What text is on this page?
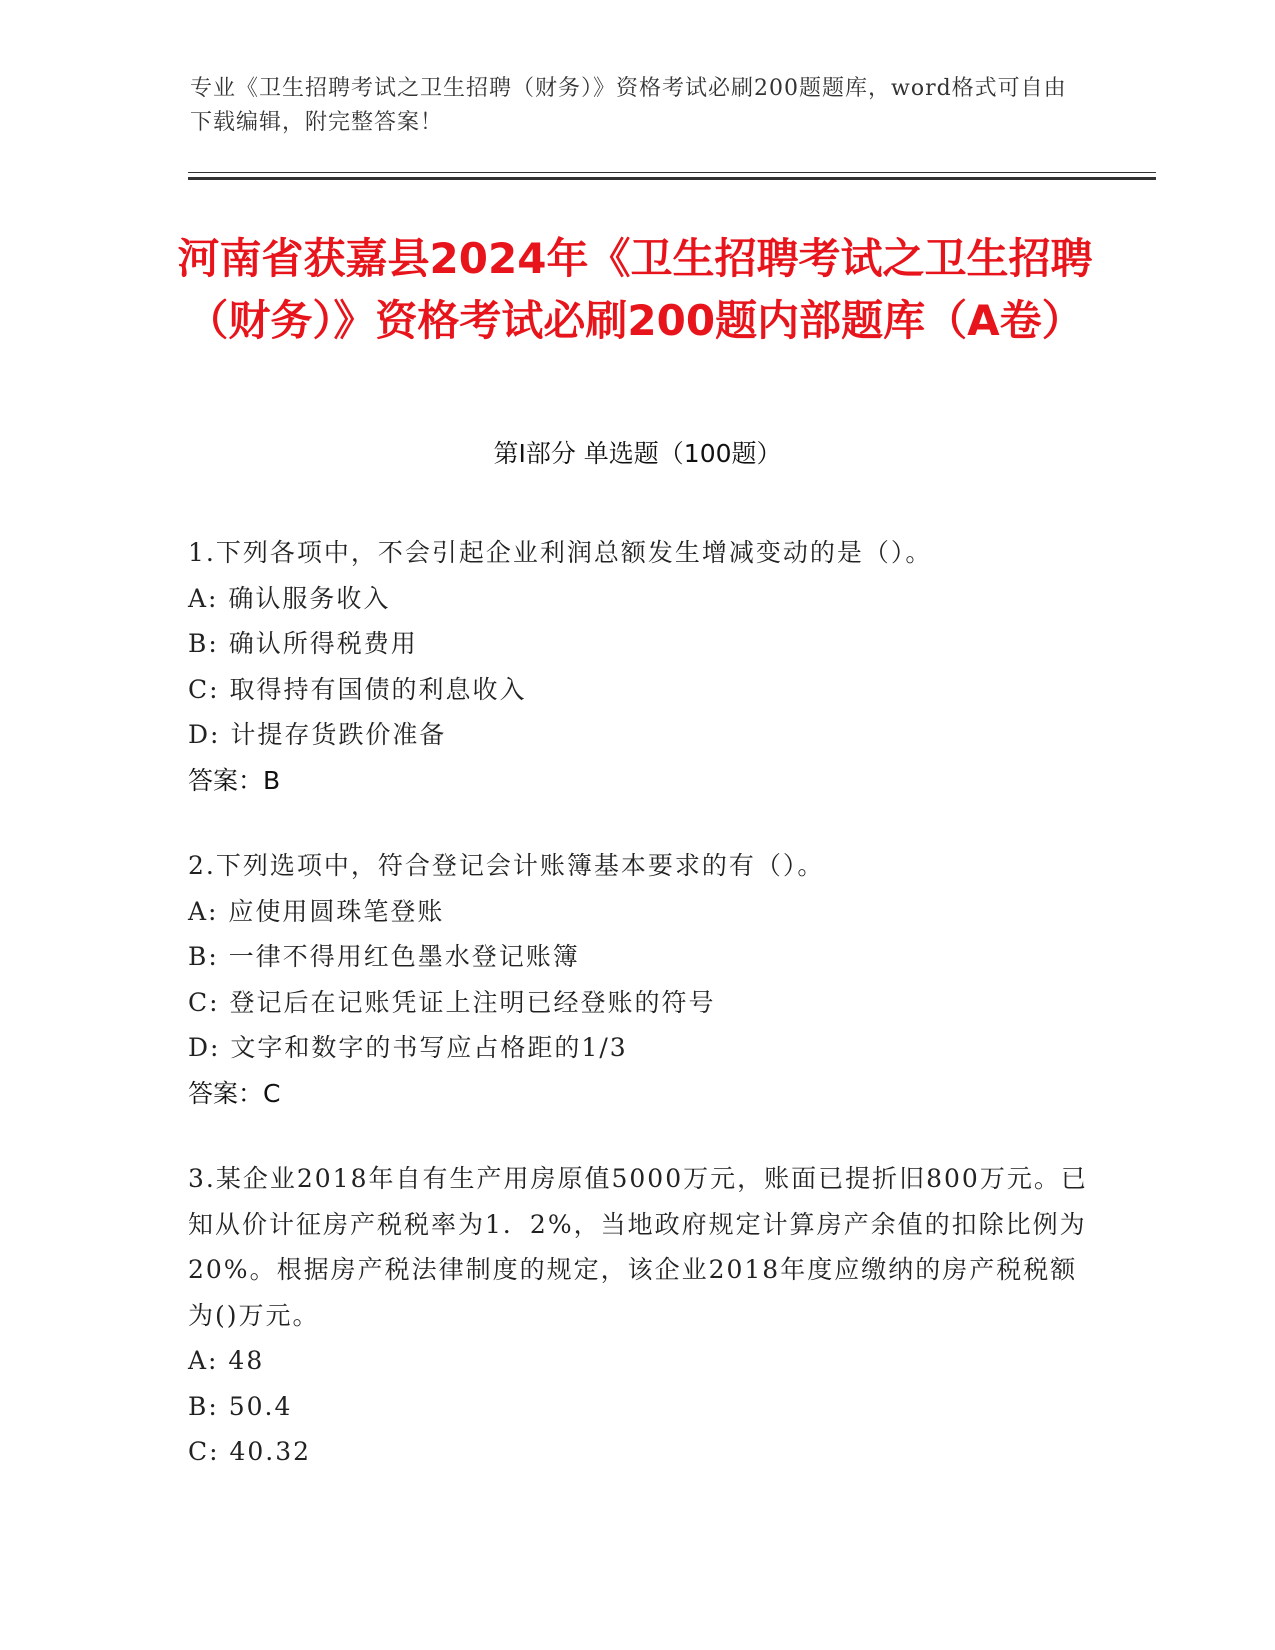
专业《卫生招聘考试之卫生招聘（财务）》资格考试必刷200题题库，word格式可自由下载编辑，附完整答案！
河南省获嘉县2024年《卫生招聘考试之卫生招聘（财务）》资格考试必刷200题内部题库（A卷）
第I部分 单选题（100题）
1.下列各项中，不会引起企业利润总额发生增减变动的是（）。
A: 确认服务收入
B: 确认所得税费用
C: 取得持有国债的利息收入
D: 计提存货跌价准备
答案：B
2.下列选项中，符合登记会计账簿基本要求的有（）。
A: 应使用圆珠笔登账
B: 一律不得用红色墨水登记账簿
C: 登记后在记账凭证上注明已经登账的符号
D: 文字和数字的书写应占格距的1/3
答案：C
3.某企业2018年自有生产用房原值5000万元，账面已提折旧800万元。已知从价计征房产税税率为1．2%，当地政府规定计算房产余值的扣除比例为20%。根据房产税法律制度的规定，该企业2018年度应缴纳的房产税税额为()万元。
A: 48
B: 50.4
C: 40.32
